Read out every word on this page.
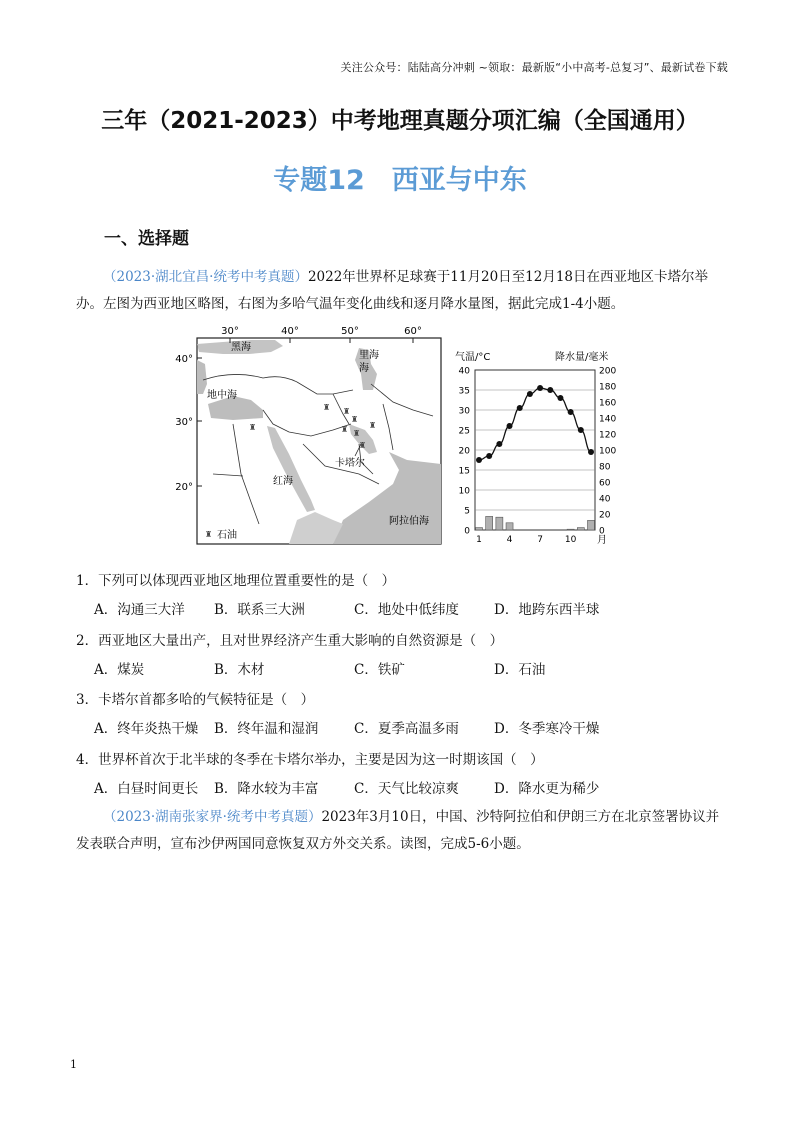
关注公众号：陆陆高分冲刺 ~领取：最新版“小中高考-总复习”、最新试卷下载
三年（2021-2023）中考地理真题分项汇编（全国通用）
专题12　西亚与中东
一、选择题
（2023·湖北宜昌·统考中考真题）2022年世界杯足球赛于11月20日至12月18日在西亚地区卡塔尔举办。左图为西亚地区略图，右图为多哈气温年变化曲线和逐月降水量图，据此完成1-4小题。
30°	40°	50°	60°
40°
30°
20°
黑海
里海
海
地中海
红海
卡塔尔
阿拉伯海
♜ ♜
♜
♜ ♜
♜
♜
♜
♜ 石油
气温/°C	降水量/毫米
0
5
10
15
20
25
30
35
40
0
20
40
60
80
100
120
140
160
180
200
1	4	7 10 月
1．下列可以体现西亚地区地理位置重要性的是（　）
A．沟通三大洋 B．联系三大洲	C．地处中低纬度	D．地跨东西半球
2．西亚地区大量出产，且对世界经济产生重大影响的自然资源是（　）
A．煤炭	B．木材	C．铁矿	D．石油
3．卡塔尔首都多哈的气候特征是（　）
A．终年炎热干燥 B．终年温和湿润	C．夏季高温多雨	D．冬季寒冷干燥
4．世界杯首次于北半球的冬季在卡塔尔举办，主要是因为这一时期该国（　）
A．白昼时间更长 B．降水较为丰富	C．天气比较凉爽	D．降水更为稀少
（2023·湖南张家界·统考中考真题）2023年3月10日，中国、沙特阿拉伯和伊朗三方在北京签署协议并发表联合声明，宣布沙伊两国同意恢复双方外交关系。读图，完成5-6小题。
1
